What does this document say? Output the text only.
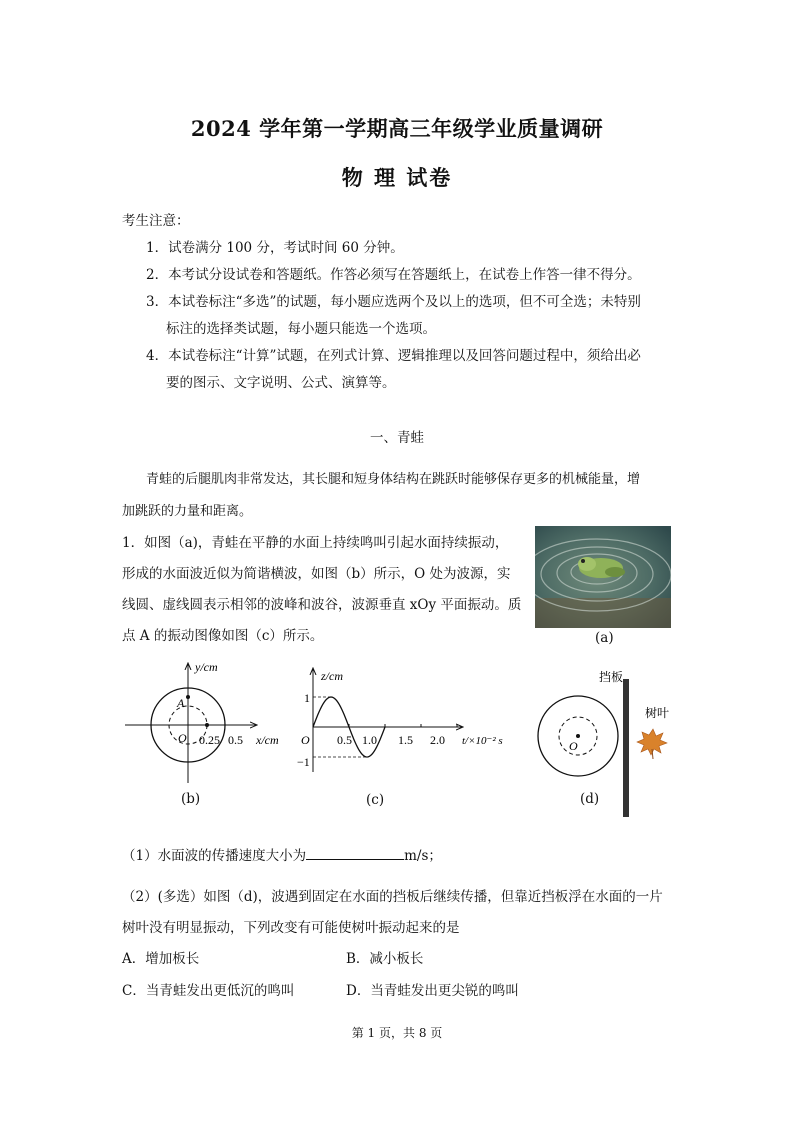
2024 学年第一学期高三年级学业质量调研
物 理 试卷
考生注意：
1．试卷满分 100 分，考试时间 60 分钟。
2．本考试分设试卷和答题纸。作答必须写在答题纸上，在试卷上作答一律不得分。
3．本试卷标注“多选”的试题，每小题应选两个及以上的选项，但不可全选；未特别
标注的选择类试题，每小题只能选一个选项。
4．本试卷标注“计算”试题，在列式计算、逻辑推理以及回答问题过程中，须给出必
要的图示、文字说明、公式、演算等。
一、青蛙
青蛙的后腿肌肉非常发达，其长腿和短身体结构在跳跃时能够保存更多的机械能量，增
加跳跃的力量和距离。
1．如图（a)，青蛙在平静的水面上持续鸣叫引起水面持续振动，
形成的水面波近似为简谐横波，如图（b）所示，O 处为波源，实
线圆、虚线圆表示相邻的波峰和波谷，波源垂直 xOy 平面振动。质
点 A 的振动图像如图（c）所示。	(a)
A
O 0.25 0.5 x/cm
y/cm
(b)
O
1
−1
0.5 1.0 1.5 2.0 t/×10⁻² s
z/cm
(c)
O
挡板
树叶
(d)
（1）水面波的传播速度大小为	m/s；
（2）(多选）如图（d)，波遇到固定在水面的挡板后继续传播，但靠近挡板浮在水面的一片
树叶没有明显振动，下列改变有可能使树叶振动起来的是
A．增加板长	B．减小板长
C．当青蛙发出更低沉的鸣叫	D．当青蛙发出更尖锐的鸣叫
第 1 页，共 8 页
